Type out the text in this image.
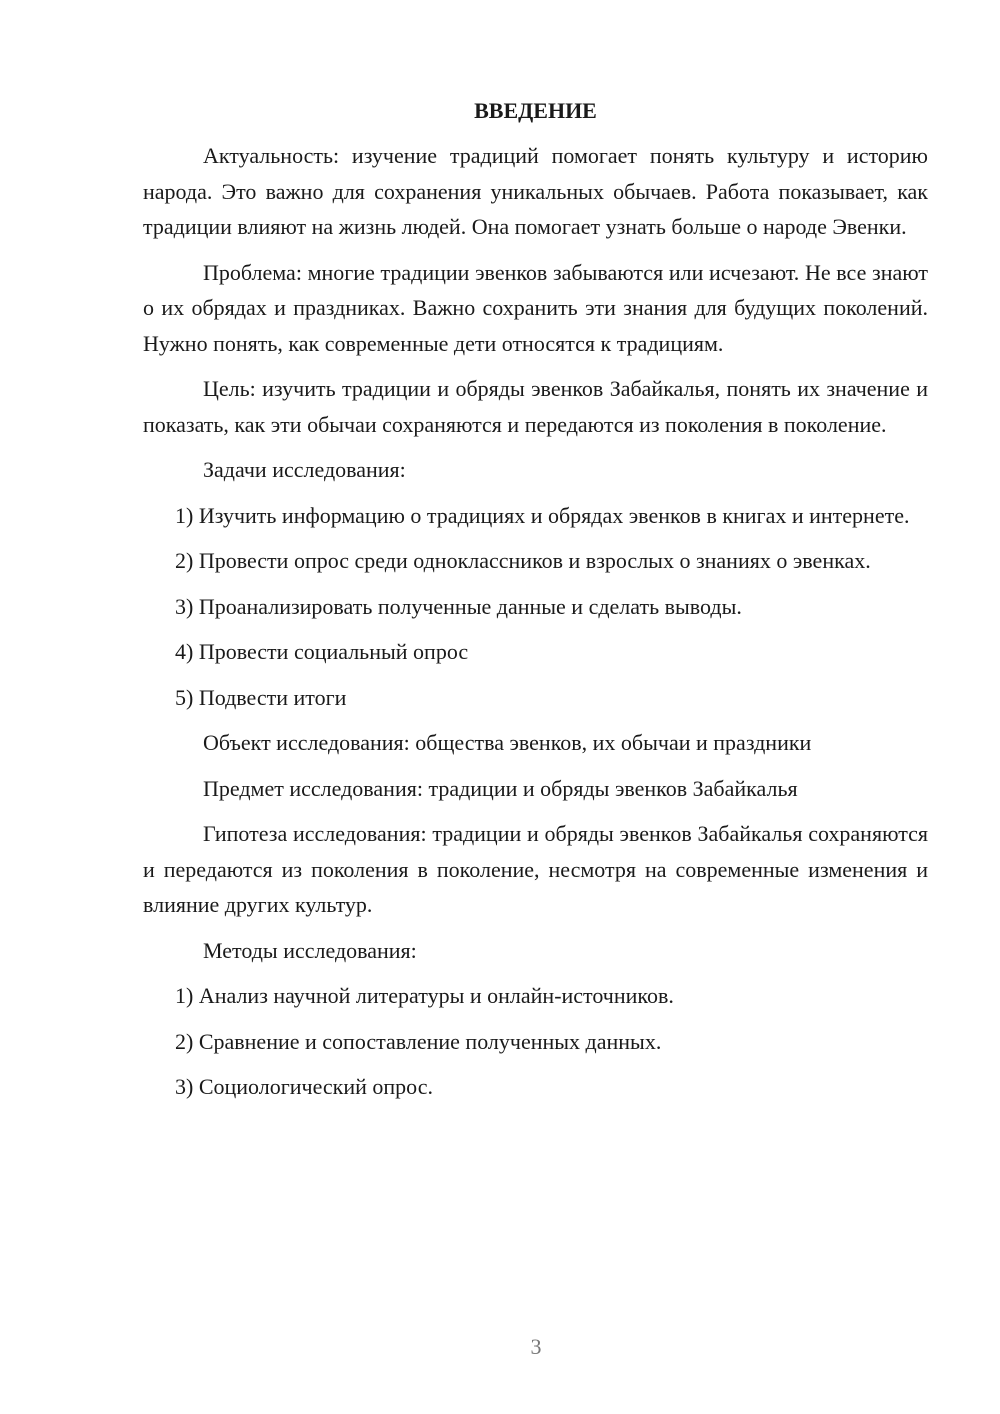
ВВЕДЕНИЕ

Актуальность: изучение традиций помогает понять культуру и историю народа. Это важно для сохранения уникальных обычаев. Работа показывает, как традиции влияют на жизнь людей. Она помогает узнать больше о народе Эвенки.

Проблема: многие традиции эвенков забываются или исчезают. Не все знают о их обрядах и праздниках. Важно сохранить эти знания для будущих поколений. Нужно понять, как современные дети относятся к традициям.

Цель: изучить традиции и обряды эвенков Забайкалья, понять их значение и показать, как эти обычаи сохраняются и передаются из поколения в поколение.

Задачи исследования:

1) Изучить информацию о традициях и обрядах эвенков в книгах и интернете.

2) Провести опрос среди одноклассников и взрослых о знаниях о эвенках.

3) Проанализировать полученные данные и сделать выводы.

4) Провести социальный опрос

5) Подвести итоги

Объект исследования: общества эвенков, их обычаи и праздники

Предмет исследования: традиции и обряды эвенков Забайкалья

Гипотеза исследования: традиции и обряды эвенков Забайкалья сохраняются и передаются из поколения в поколение, несмотря на современные изменения и влияние других культур.

Методы исследования:

1) Анализ научной литературы и онлайн-источников.

2) Сравнение и сопоставление полученных данных.

3) Социологический опрос.

3
